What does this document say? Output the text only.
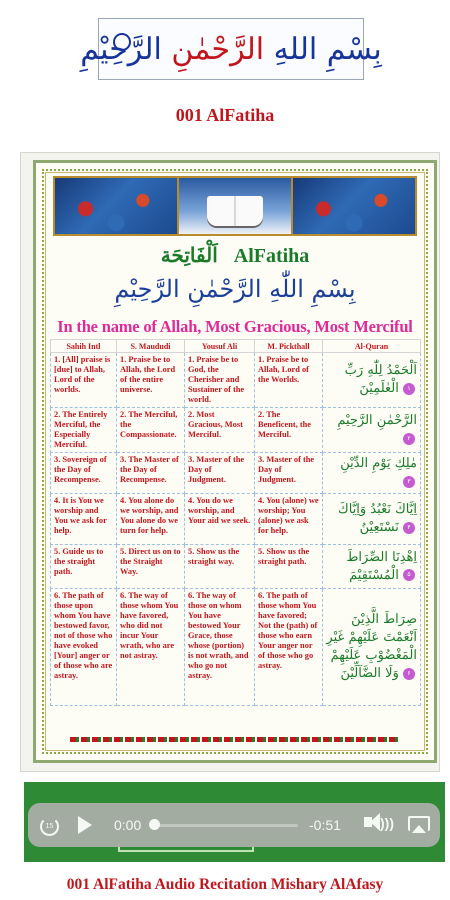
بِسْمِ اللهِ الرَّحْمٰنِ الرَّحِيْمِ
001 AlFatiha
اَلْفَاتِحَة AlFatiha
بِسْمِ اللّٰهِ الرَّحْمٰنِ الرَّحِيْمِ
In the name of Allah, Most Gracious, Most Merciful
Sahih Intl	S. Maududi	Yousuf Ali	M. Pickthall	Al-Quran
1. [All] praise is [due] to Allah, Lord of the worlds.	1. Praise be to Allah, the Lord of the entire universe.	1. Praise be to God, the Cherisher and Sustainer of the world.	1. Praise be to Allah, Lord of the Worlds.	اَلْحَمْدُ لِلّٰهِ رَبِّ الْعٰلَمِيْنَ ۱
2. The Entirely Merciful, the Especially Merciful.	2. The Merciful, the Compassionate.	2. Most Gracious, Most Merciful.	2. The Beneficent, the Merciful.	الرَّحْمٰنِ الرَّحِيْمِ ۲
3. Sovereign of the Day of Recompense.	3. The Master of the Day of Recompense.	3. Master of the Day of Judgment.	3. Master of the Day of Judgment.	مٰلِكِ يَوْمِ الدِّيْنِ ۳
4. It is You we worship and You we ask for help.	4. You alone do we worship, and You alone do we turn for help.	4. You do we worship, and Your aid we seek.	4. You (alone) we worship; You (alone) we ask for help.	اِيَّاكَ نَعْبُدُ وَاِيَّاكَ نَسْتَعِيْنُ ۴
5. Guide us to the straight path.	5. Direct us on to the Straight Way.	5. Show us the straight way.	5. Show us the straight path.	اِهْدِنَا الصِّرَاطَ الْمُسْتَقِيْمَ ۵
6. The path of those upon whom You have bestowed favor, not of those who have evoked [Your] anger or of those who are astray.	6. The way of those whom You have favored, who did not incur Your wrath, who are not astray.	6. The way of those on whom You have bestowed Your Grace, those whose (portion) is not wrath, and who go not astray.	6. The path of those whom You have favored; Not the (path) of those who earn Your anger nor of those who go astray.	صِرَاطَ الَّذِيْنَ اَنْعَمْتَ عَلَيْهِمْ غَيْرِ الْمَغْضُوْبِ عَلَيْهِمْ وَلَا الضَّآلِّيْنَ ۶
15	0:00	-0:51	)))
001 AlFatiha Audio Recitation Mishary AlAfasy
